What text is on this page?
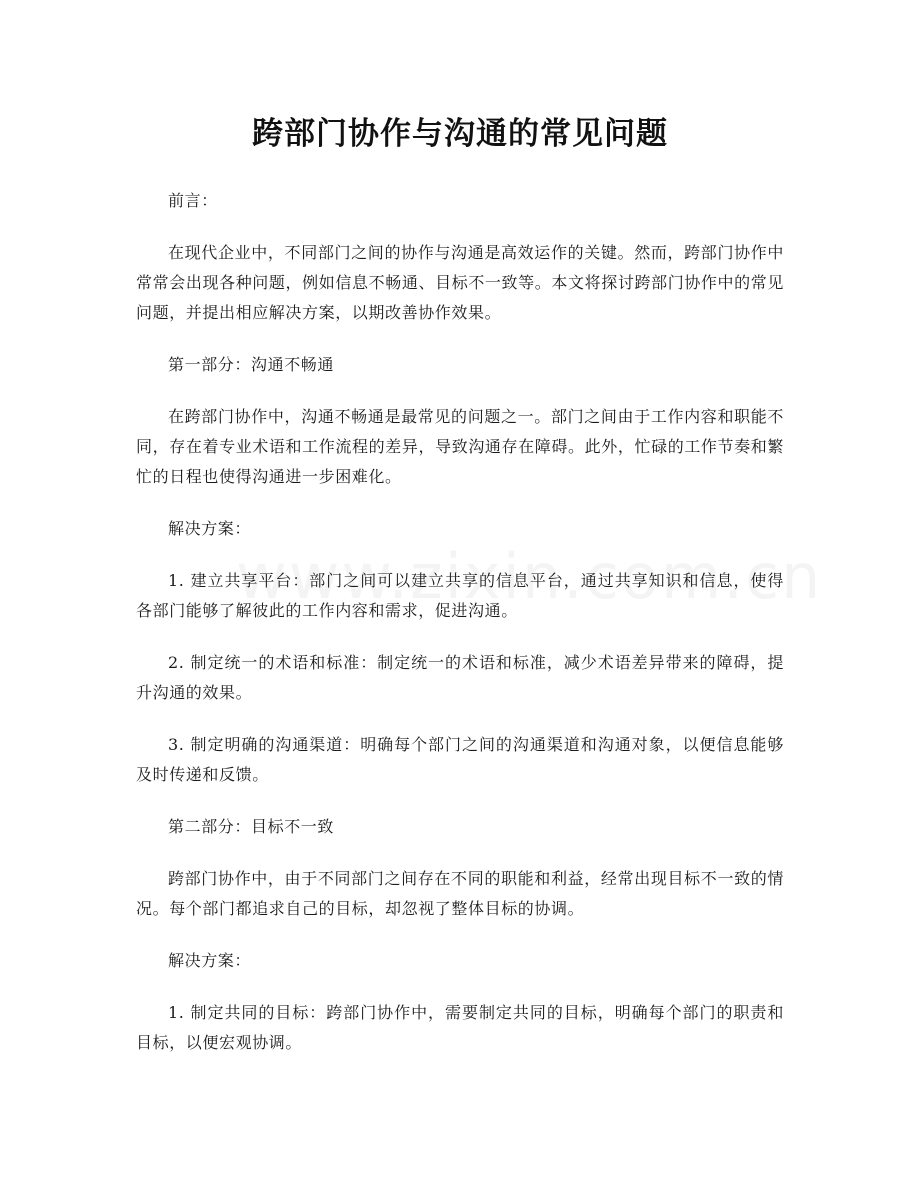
跨部门协作与沟通的常见问题

前言：

在现代企业中，不同部门之间的协作与沟通是高效运作的关键。然而，跨部门协作中常常会出现各种问题，例如信息不畅通、目标不一致等。本文将探讨跨部门协作中的常见问题，并提出相应解决方案，以期改善协作效果。

第一部分：沟通不畅通

在跨部门协作中，沟通不畅通是最常见的问题之一。部门之间由于工作内容和职能不同，存在着专业术语和工作流程的差异，导致沟通存在障碍。此外，忙碌的工作节奏和繁忙的日程也使得沟通进一步困难化。

解决方案：

1. 建立共享平台：部门之间可以建立共享的信息平台，通过共享知识和信息，使得各部门能够了解彼此的工作内容和需求，促进沟通。

2. 制定统一的术语和标准：制定统一的术语和标准，减少术语差异带来的障碍，提升沟通的效果。

3. 制定明确的沟通渠道：明确每个部门之间的沟通渠道和沟通对象，以便信息能够及时传递和反馈。

第二部分：目标不一致

跨部门协作中，由于不同部门之间存在不同的职能和利益，经常出现目标不一致的情况。每个部门都追求自己的目标，却忽视了整体目标的协调。

解决方案：

1. 制定共同的目标：跨部门协作中，需要制定共同的目标，明确每个部门的职责和目标，以便宏观协调。
